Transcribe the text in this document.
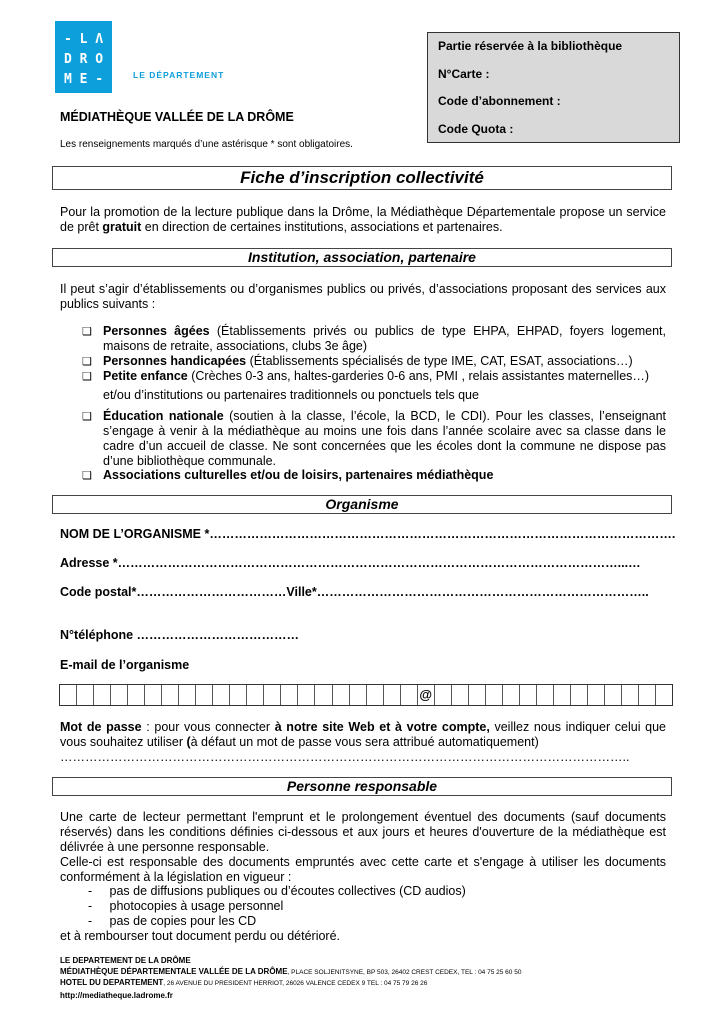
- L Λ
D R O
M E -	LE DÉPARTEMENT
Partie réservée à la bibliothèque
N°Carte :
Code d’abonnement :
Code Quota :
MÉDIATHÈQUE VALLÉE DE LA DRÔME
Les renseignements marqués d’une astérisque * sont obligatoires.
Fiche d’inscription collectivité
Pour la promotion de la lecture publique dans la Drôme, la Médiathèque Départementale propose un service de prêt gratuit en direction de certaines institutions, associations et partenaires.
Institution, association, partenaire
Il peut s’agir d’établissements ou d’organismes publics ou privés, d’associations proposant des services aux publics suivants :
❑ Personnes âgées (Établissements privés ou publics de type EHPA, EHPAD, foyers logement, maisons de retraite, associations, clubs 3e âge)
❑ Personnes handicapées (Établissements spécialisés de type IME, CAT, ESAT, associations…)
❑ Petite enfance (Crèches 0-3 ans, haltes-garderies 0-6 ans, PMI , relais assistantes maternelles…)
et/ou d’institutions ou partenaires traditionnels ou ponctuels tels que
❑ Éducation nationale (soutien à la classe, l’école, la BCD, le CDI). Pour les classes, l’enseignant s’engage à venir à la médiathèque au moins une fois dans l’année scolaire avec sa classe dans le cadre d’un accueil de classe. Ne sont concernées que les écoles dont la commune ne dispose pas d’une bibliothèque communale.
❑ Associations culturelles et/ou de loisirs, partenaires médiathèque
Organisme
NOM DE L’ORGANISME *………………………………………………………………………………………………….
Adresse *…………………………………………………………………………………………………………...…
Code postal*………………………………Ville*……………………………………………………………………..
N°téléphone …………………………………
E-mail de l’organisme
@
Mot de passe : pour vous connecter à notre site Web et à votre compte, veillez nous indiquer celui que vous souhaitez utiliser (à défaut un mot de passe vous sera attribué automatiquement)
………………………………………………………………………………………………………………………..
Personne responsable
Une carte de lecteur permettant l'emprunt et le prolongement éventuel des documents (sauf documents réservés) dans les conditions définies ci-dessous et aux jours et heures d'ouverture de la médiathèque est délivrée à une personne responsable.
Celle-ci est responsable des documents empruntés avec cette carte et s'engage à utiliser les documents conformément à la législation en vigueur :
-     pas de diffusions publiques ou d’écoutes collectives (CD audios)
-     photocopies à usage personnel
-     pas de copies pour les CD
et à rembourser tout document perdu ou détérioré.
LE DEPARTEMENT DE LA DRÔME
MÉDIATHÈQUE DÉPARTEMENTALE VALLÉE DE LA DRÔME, PLACE SOLJENITSYNE, BP 503, 26402 CREST CEDEX, TEL : 04 75 25 60 50
HOTEL DU DEPARTEMENT, 26 AVENUE DU PRESIDENT HERRIOT, 26026 VALENCE CEDEX 9 TEL : 04 75 79 26 26
http://mediatheque.ladrome.fr
